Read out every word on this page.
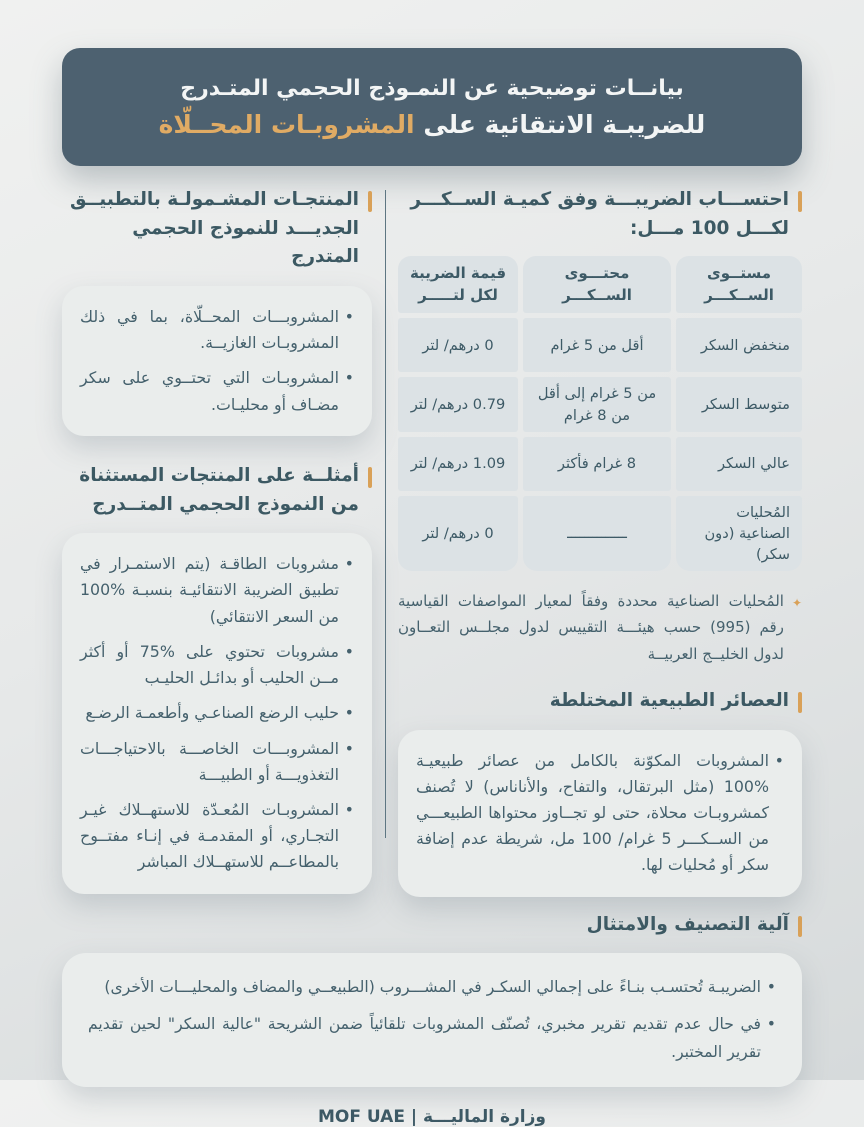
بيانــات توضيحية عن النمـوذج الحجمي المتـدرج
للضريبـة الانتقائية على المشروبـات المحــلّاة
احتســـاب الضريبـــة وفق كميـة الســكـــر
لكـــل 100 مـــل:
مستــوى الســكـــر
محتـــوى الســكـــر
قيمة الضريبة لكل لتـــــر
منخفض السكر
أقل من 5 غرام
0 درهم/ لتر
متوسط السكر
من 5 غرام إلى أقل من 8 غرام
0.79 درهم/ لتر
عالي السكر
8 غرام فأكثر
1.09 درهم/ لتر
المُحليات الصناعية (دون سكر)
ــــــــــــــ
0 درهم/ لتر
✦
المُحليات الصناعية محددة وفقاً لمعيار المواصفات القياسية رقم (995) حسب هيئـــة التقييس لدول مجلــس التعــاون لدول الخليــج العربيــة
العصائر الطبيعية المختلطة
• المشروبات المكوّنة بالكامل من عصائر طبيعيـة %100 (مثل البرتقال، والتفاح، والأناناس) لا تُصنف كمشروبـات محلاة، حتى لو تجــاوز محتواها الطبيعـــي من الســكـــر 5 غرام/ 100 مل، شريطة عدم إضافة سكر أو مُحليات لها.
المنتجـات المشـمولـة بالتطبيــق الجديـــد للنموذج الحجمي المتدرج
• المشروبـــات المحــلّاة، بما في ذلك المشروبـات الغازيــة.
• المشروبـات التي تحتــوي على سكر مضـاف أو محليـات.
أمثلــة على المنتجات المستثناة من النموذج الحجمي المتــدرج
• مشروبات الطاقـة (يتم الاستمـرار في تطبيق الضريبة الانتقائيـة بنسبـة %100 من السعر الانتقائي)
• مشروبات تحتوي على %75 أو أكثر مــن الحليب أو بدائـل الحليـب
• حليب الرضع الصناعـي وأطعمـة الرضـع
• المشروبـــات الخاصـــة بالاحتياجـــات التغذويـــة أو الطبيـــة
• المشروبـات المُعـدّة للاستهــلاك غيـر التجـاري، أو المقدمـة في إنـاء مفتــوح بالمطاعــم للاستهــلاك المباشر
آلية التصنيف والامتثال
• الضريبـة تُحتسـب بنـاءً على إجمالي السكـر في المشـــروب (الطبيعــي والمضاف والمحليـــات الأخرى)
• في حال عدم تقديم تقرير مخبري، تُصنّف المشروبات تلقائياً ضمن الشريحة "عالية السكر" لحين تقديم تقرير المختبر.
وزارة الماليـــة | MOF UAE
